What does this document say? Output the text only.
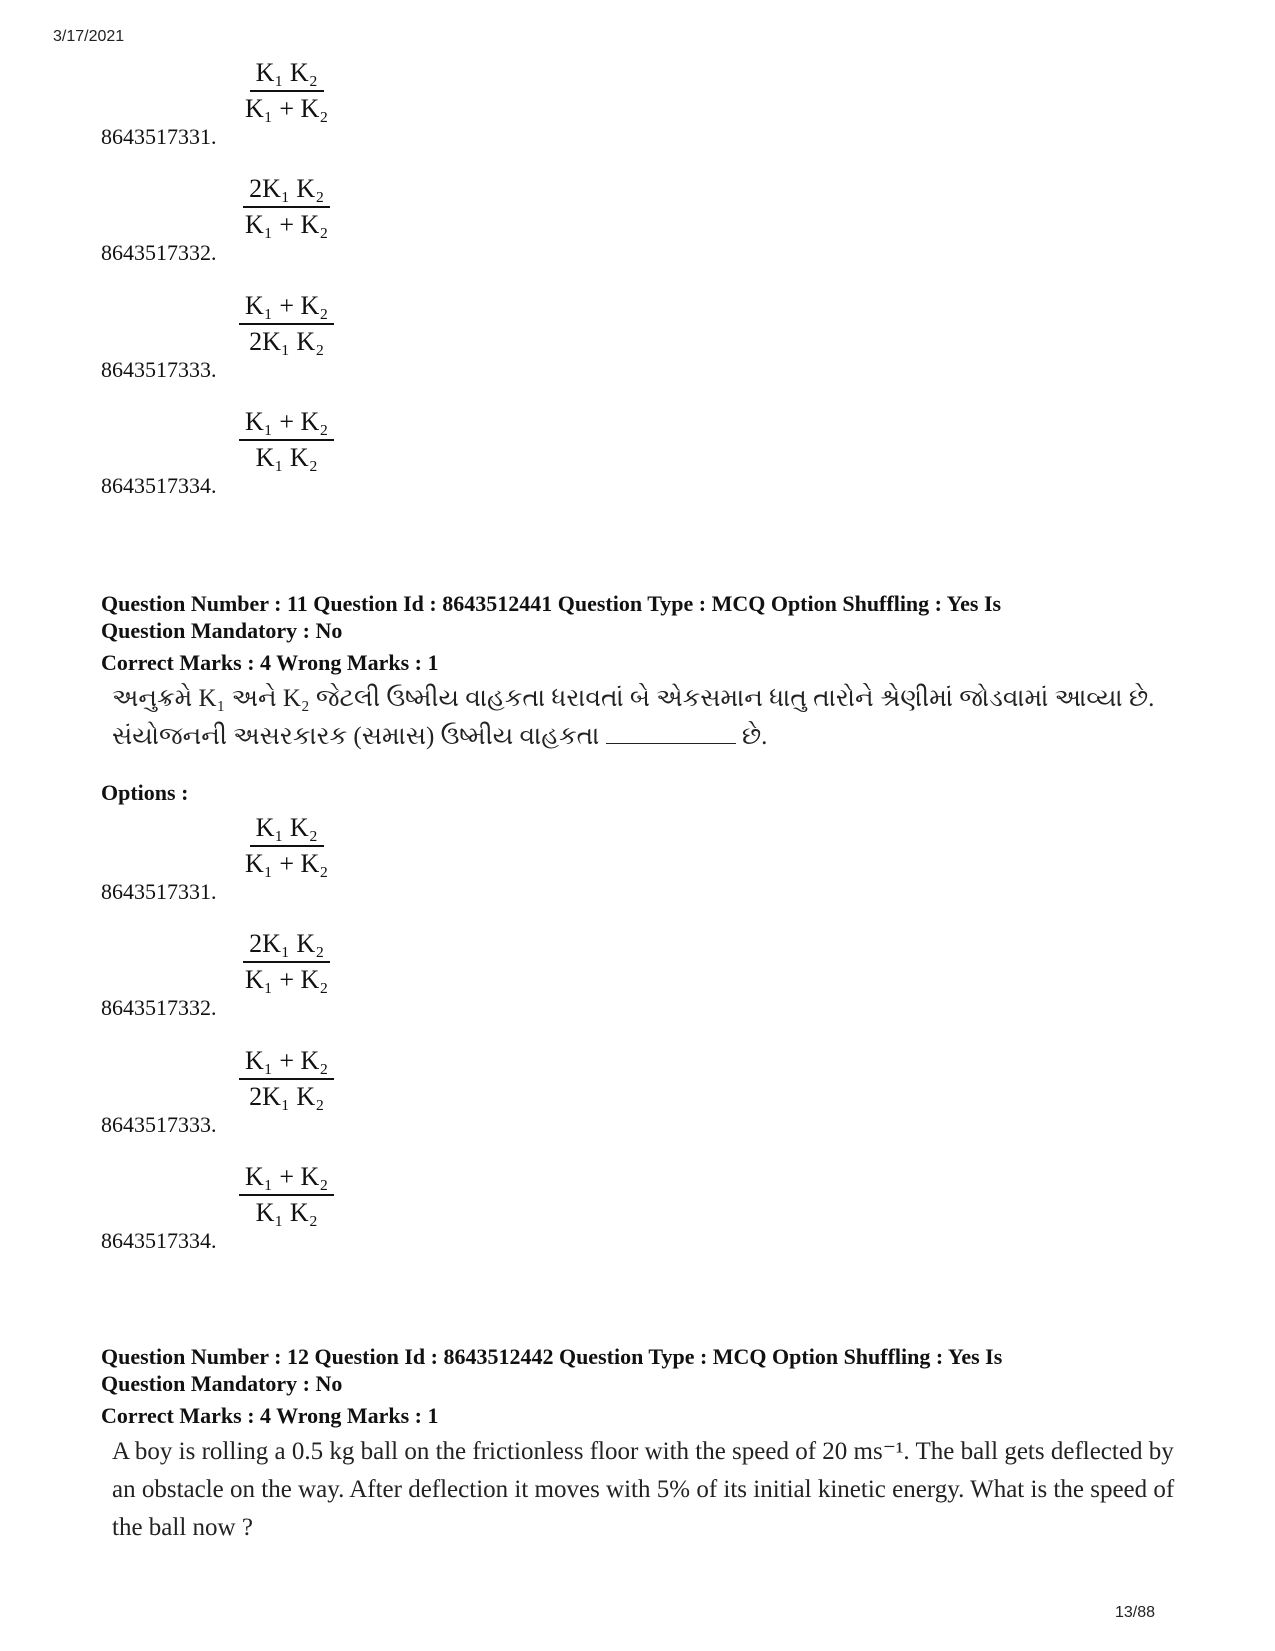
3/17/2021
$\frac{\text{K₁ K₂}}{\text{K₁ + K₂}}$
8643517331.
$\frac{\text{2K₁ K₂}}{\text{K₁ + K₂}}$
8643517332.
$\frac{\text{K₁ + K₂}}{\text{2K₁ K₂}}$
8643517333.
$\frac{\text{K₁ + K₂}}{\text{K₁ K₂}}$
8643517334.
Question Number : 11 Question Id : 8643512441 Question Type : MCQ Option Shuffling : Yes Is
Question Mandatory : No
Correct Marks : 4 Wrong Marks : 1
અનુક્રમે K₁ અને K₂ જેટલી ઉષ્મીય વાહકતા ધરાવતાં બે એકસમાન ધાતુ તારોને શ્રેણીમાં જોડવામાં આવ્યા છે.
સંયોજનની અસરકારક (સમાસ) ઉષ્મીય વાહકતા	છે.
Options :
$\frac{\text{K₁ K₂}}{\text{K₁ + K₂}}$
8643517331.
$\frac{\text{2K₁ K₂}}{\text{K₁ + K₂}}$
8643517332.
$\frac{\text{K₁ + K₂}}{\text{2K₁ K₂}}$
8643517333.
$\frac{\text{K₁ + K₂}}{\text{K₁ K₂}}$
8643517334.
Question Number : 12 Question Id : 8643512442 Question Type : MCQ Option Shuffling : Yes Is
Question Mandatory : No
Correct Marks : 4 Wrong Marks : 1
A boy is rolling a 0.5 kg ball on the frictionless floor with the speed of 20 ms⁻¹. The ball gets deflected by an obstacle on the way. After deflection it moves with 5% of its initial kinetic energy. What is the speed of the ball now ?
13/88
